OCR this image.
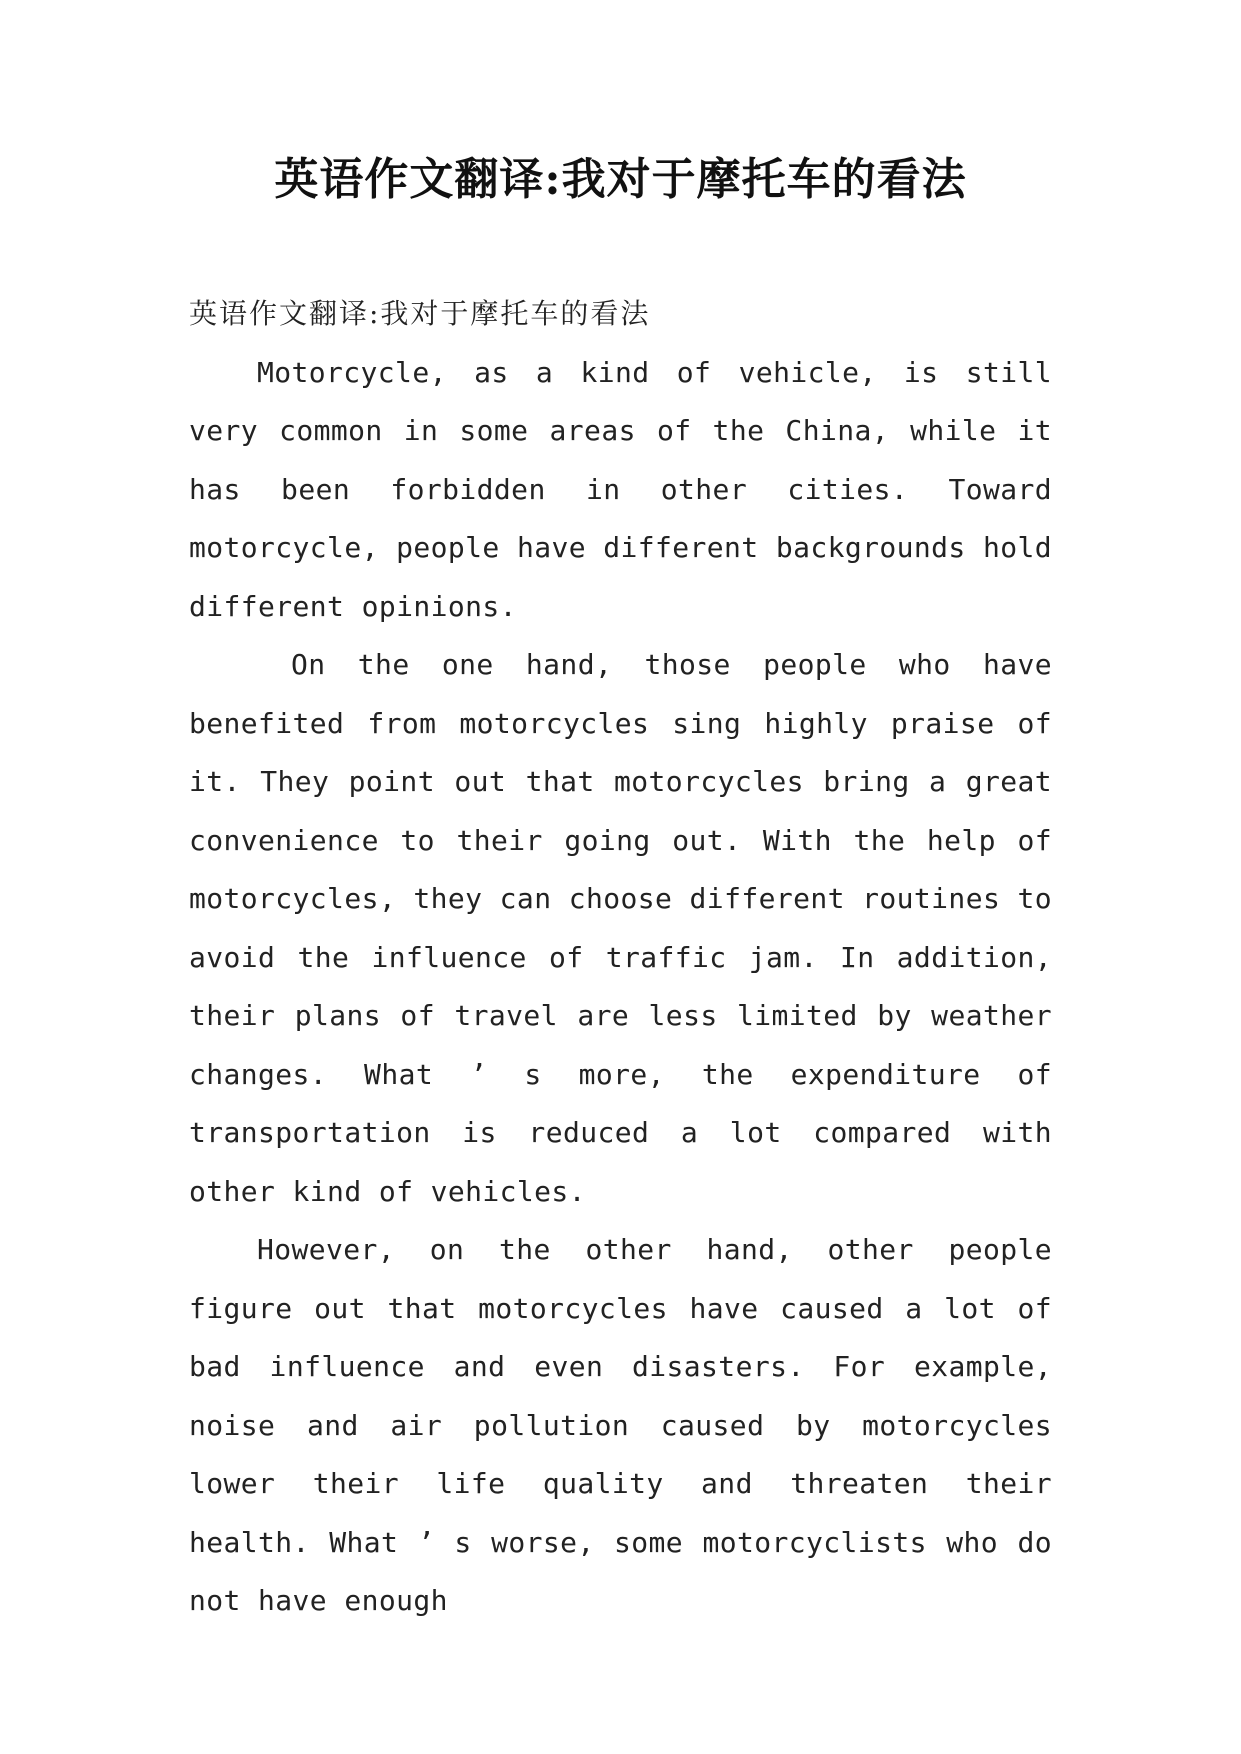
英语作文翻译:我对于摩托车的看法

英语作文翻译:我对于摩托车的看法

Motorcycle, as a kind of vehicle, is still very common in some areas of the China, while it has been forbidden in other cities. Toward motorcycle, people have different backgrounds hold different opinions.

On the one hand, those people who have benefited from motorcycles sing highly praise of it. They point out that motorcycles bring a great convenience to their going out. With the help of motorcycles, they can choose different routines to avoid the influence of traffic jam. In addition, their plans of travel are less limited by weather changes. What ’ s more, the expenditure of transportation is reduced a lot compared with other kind of vehicles.

However, on the other hand, other people figure out that motorcycles have caused a lot of bad influence and even disasters. For example, noise and air pollution caused by motorcycles lower their life quality and threaten their health. What ’ s worse, some motorcyclists who do not have enough
